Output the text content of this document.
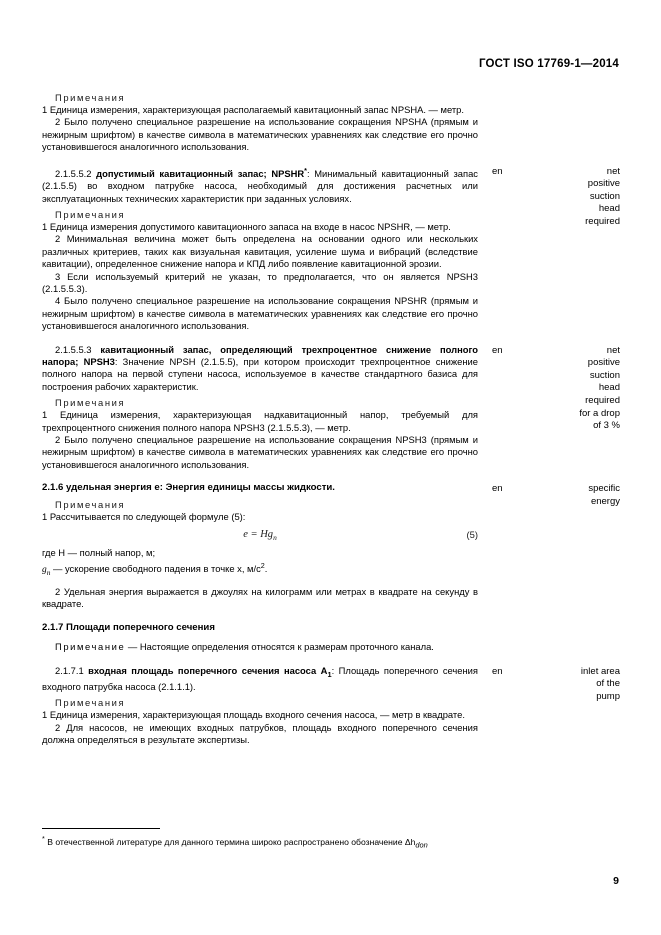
ГОСТ ISO 17769-1—2014
Примечания

1 Единица измерения, характеризующая располагаемый кавитационный запас NPSHA. — метр.

2 Было получено специальное разрешение на использование сокращения NPSHA (прямым и нежирным шрифтом) в качестве символа в математических уравнениях как следствие его прочно установившегося аналогичного использования.

2.1.5.5.2 допустимый кавитационный запас; NPSHR*: Минимальный кавитационный запас (2.1.5.5) во входном патрубке насоса, необходимый для достижения расчетных или эксплуатационных технических характеристик при заданных условиях.

Примечания

1 Единица измерения допустимого кавитационного запаса на входе в насос NPSHR, — метр.

2 Минимальная величина может быть определена на основании одного или нескольких различных критериев, таких как визуальная кавитация, усиление шума и вибраций (вследствие кавитации), определенное снижение напора и КПД либо появление кавитационной эрозии.

3 Если используемый критерий не указан, то предполагается, что он является NPSH3 (2.1.5.5.3).

4 Было получено специальное разрешение на использование сокращения NPSHR (прямым и нежирным шрифтом) в качестве символа в математических уравнениях как следствие его прочно установившегося аналогичного использования.

en	net
positive
suction
head
required

2.1.5.5.3 кавитационный запас, определяющий трехпроцентное снижение полного напора; NPSH3: Значение NPSH (2.1.5.5), при котором происходит трехпроцентное снижение полного напора на первой ступени насоса, используемое в качестве стандартного базиса для построения рабочих характеристик.

Примечания

1 Единица измерения, характеризующая надкавитационный напор, требуемый для трехпроцентного снижения полного напора NPSH3 (2.1.5.5.3), — метр.

2 Было получено специальное разрешение на использование сокращения NPSH3 (прямым и нежирным шрифтом) в качестве символа в математических уравнениях как следствие его прочно установившегося аналогичного использования.

en	net
positive
suction
head
required
for a drop
of 3 %

2.1.6 удельная энергия e: Энергия единицы массы жидкости.

Примечания

1 Рассчитывается по следующей формуле (5):

$e = Hg_n$	(5)

где H — полный напор, м;

$g_n$ — ускорение свободного падения в точке x, $м/с^2$.

2 Удельная энергия выражается в джоулях на килограмм или метрах в квадрате на секунду в квадрате.

en	specific
energy

2.1.7 Площади поперечного сечения

Примечание — Настоящие определения относятся к размерам проточного канала.

2.1.7.1 входная площадь поперечного сечения насоса $A_1$: Площадь поперечного сечения входного патрубка насоса (2.1.1.1).

Примечания

1 Единица измерения, характеризующая площадь входного сечения насоса, — метр в квадрате.

2 Для насосов, не имеющих входных патрубков, площадь входного поперечного сечения должна определяться в результате экспертизы.

en	inlet area
of the
pump
* В отечественной литературе для данного термина широко распространено обозначение Δhdon
9
